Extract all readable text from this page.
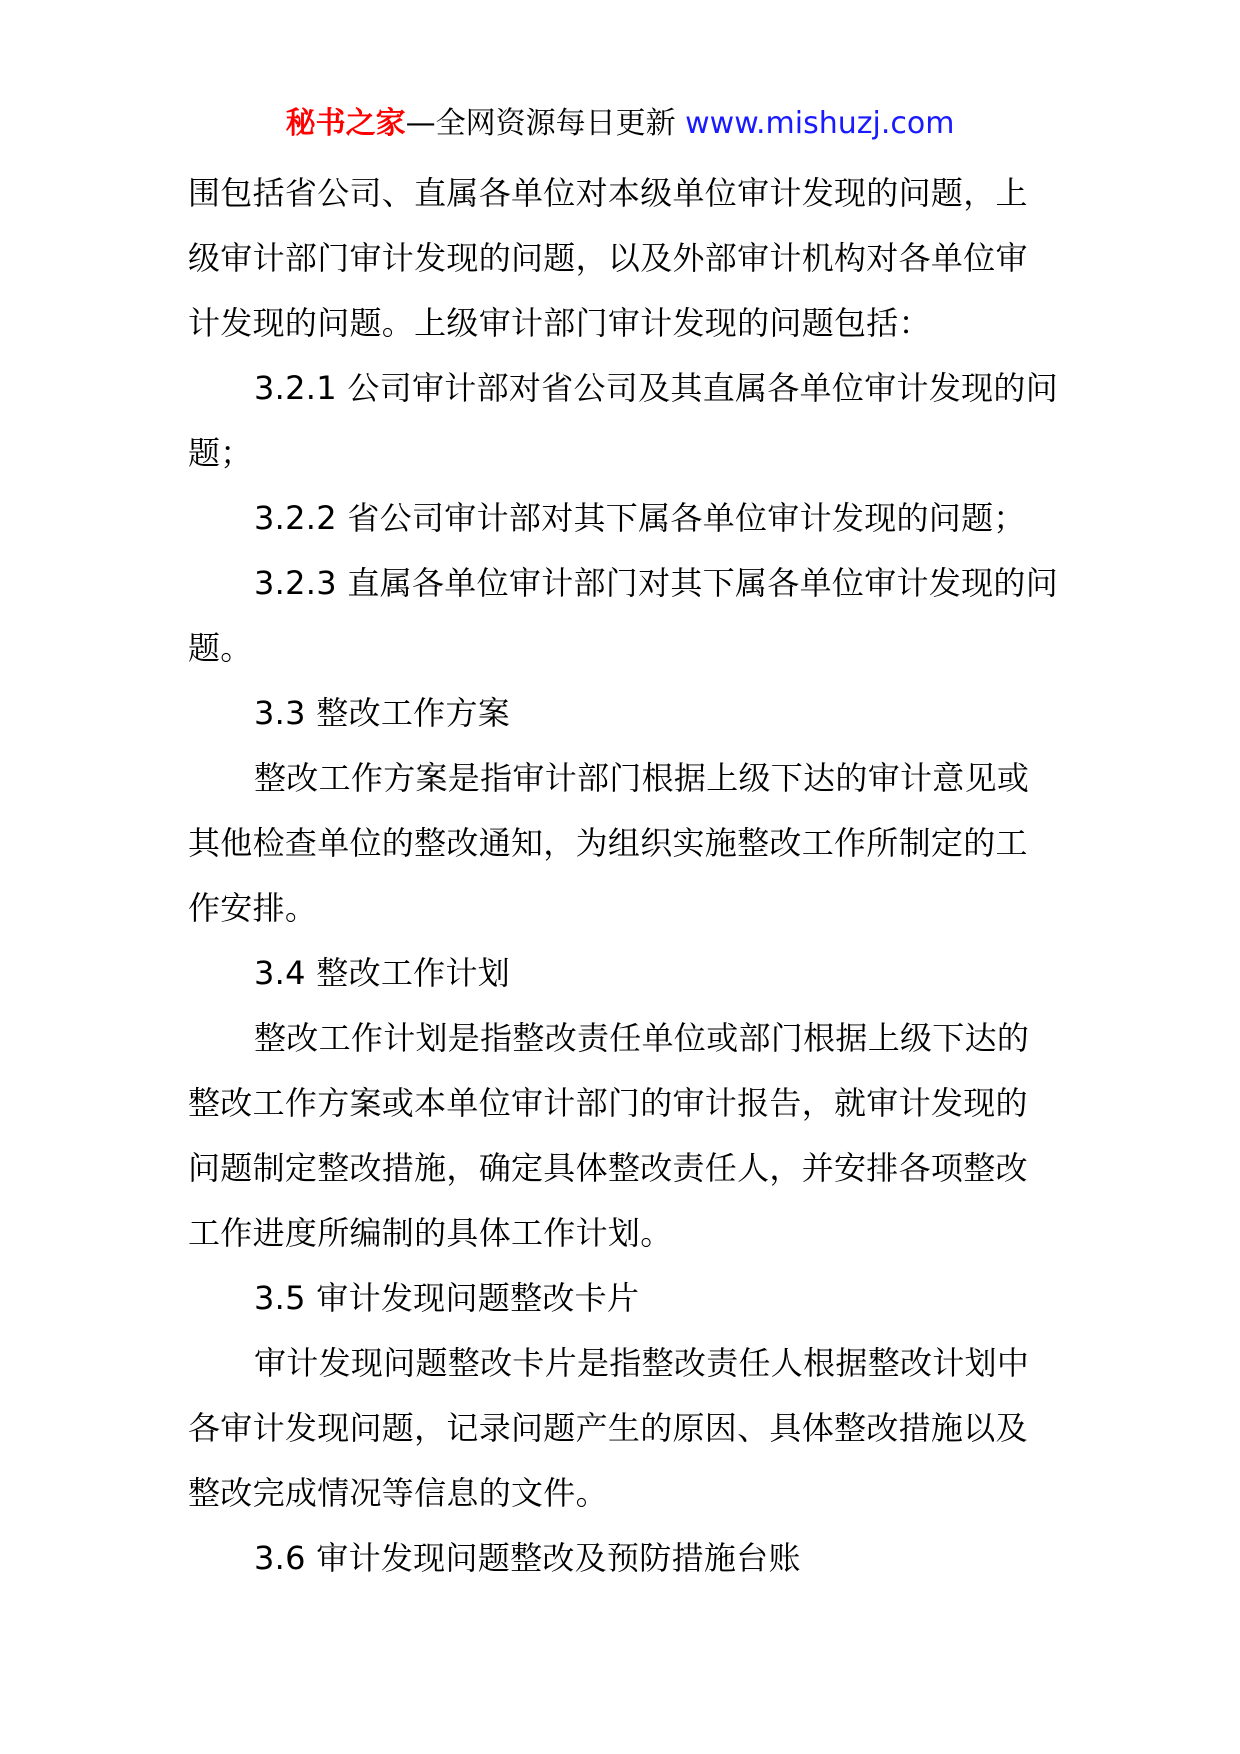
秘书之家—全网资源每日更新 www.mishuzj.com

围包括省公司、直属各单位对本级单位审计发现的问题，上级审计部门审计发现的问题，以及外部审计机构对各单位审计发现的问题。上级审计部门审计发现的问题包括：

3.2.1 公司审计部对省公司及其直属各单位审计发现的问题；

3.2.2 省公司审计部对其下属各单位审计发现的问题；

3.2.3 直属各单位审计部门对其下属各单位审计发现的问题。

3.3 整改工作方案

整改工作方案是指审计部门根据上级下达的审计意见或其他检查单位的整改通知，为组织实施整改工作所制定的工作安排。

3.4 整改工作计划

整改工作计划是指整改责任单位或部门根据上级下达的整改工作方案或本单位审计部门的审计报告，就审计发现的问题制定整改措施，确定具体整改责任人，并安排各项整改工作进度所编制的具体工作计划。

3.5 审计发现问题整改卡片

审计发现问题整改卡片是指整改责任人根据整改计划中各审计发现问题，记录问题产生的原因、具体整改措施以及整改完成情况等信息的文件。

3.6 审计发现问题整改及预防措施台账
